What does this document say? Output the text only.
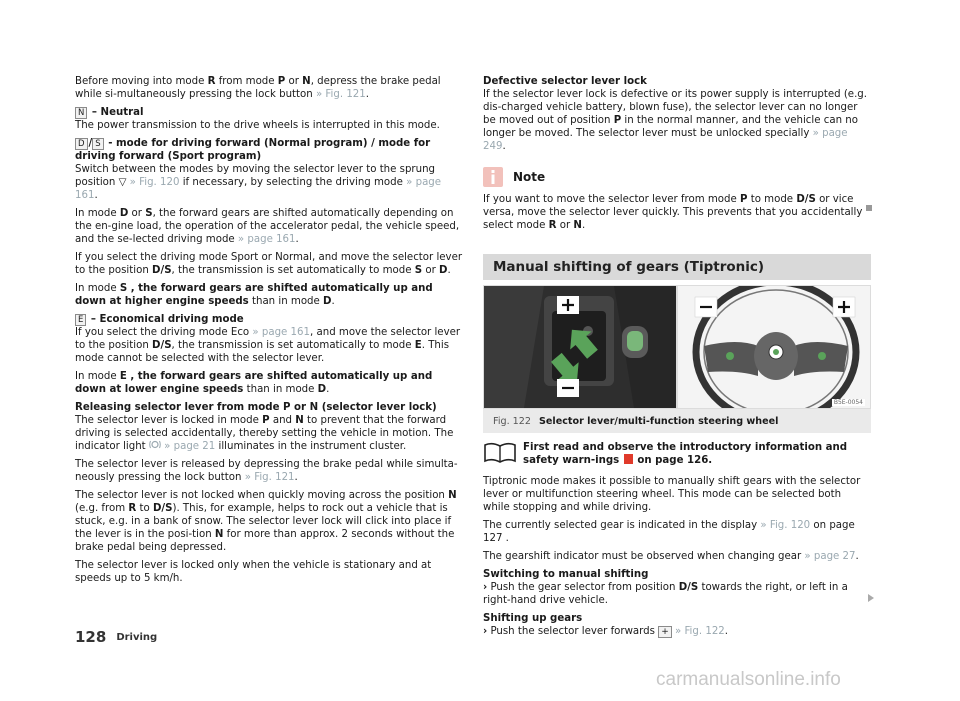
Before moving into mode R from mode P or N, depress the brake pedal while si-multaneously pressing the lock button » Fig. 121.

N – Neutral
The power transmission to the drive wheels is interrupted in this mode.

D / S - mode for driving forward (Normal program) / mode for driving forward (Sport program)
Switch between the modes by moving the selector lever to the sprung position ▽ » Fig. 120 if necessary, by selecting the driving mode » page 161.

In mode D or S, the forward gears are shifted automatically depending on the en-gine load, the operation of the accelerator pedal, the vehicle speed, and the se-lected driving mode » page 161.

If you select the driving mode Sport or Normal, and move the selector lever to the position D/S, the transmission is set automatically to mode S or D.

In mode S , the forward gears are shifted automatically up and down at higher engine speeds than in mode D.

E – Economical driving mode
If you select the driving mode Eco » page 161, and move the selector lever to the position D/S, the transmission is set automatically to mode E. This mode cannot be selected with the selector lever.

In mode E , the forward gears are shifted automatically up and down at lower engine speeds than in mode D.

Releasing selector lever from mode P or N (selector lever lock)
The selector lever is locked in mode P and N to prevent that the forward driving is selected accidentally, thereby setting the vehicle in motion. The indicator light  » page 21 illuminates in the instrument cluster.

The selector lever is released by depressing the brake pedal while simulta-neously pressing the lock button » Fig. 121.

The selector lever is not locked when quickly moving across the position N (e.g. from R to D/S). This, for example, helps to rock out a vehicle that is stuck, e.g. in a bank of snow. The selector lever lock will click into place if the lever is in the posi-tion N for more than approx. 2 seconds without the brake pedal being depressed.

The selector lever is locked only when the vehicle is stationary and at speeds up to 5 km/h.

Defective selector lever lock
If the selector lever lock is defective or its power supply is interrupted (e.g. dis-charged vehicle battery, blown fuse), the selector lever can no longer be moved out of position P in the normal manner, and the vehicle can no longer be moved. The selector lever must be unlocked specially » page 249.

Note

If you want to move the selector lever from mode P to mode D/S or vice versa, move the selector lever quickly. This prevents that you accidentally select mode R or N.

Manual shifting of gears (Tiptronic)
B5E-0054
Fig. 122 Selector lever/multi-function steering wheel
First read and observe the introductory information and safety warn-ings  on page 126.

Tiptronic mode makes it possible to manually shift gears with the selector lever or multifunction steering wheel. This mode can be selected both while stopping and while driving.

The currently selected gear is indicated in the display » Fig. 120 on page 127 .

The gearshift indicator must be observed when changing gear » page 27.

Switching to manual shifting
› Push the gear selector from position D/S towards the right, or left in a right-hand drive vehicle.

Shifting up gears
› Push the selector lever forwards + » Fig. 122.

128 Driving
carmanualsonline.info
